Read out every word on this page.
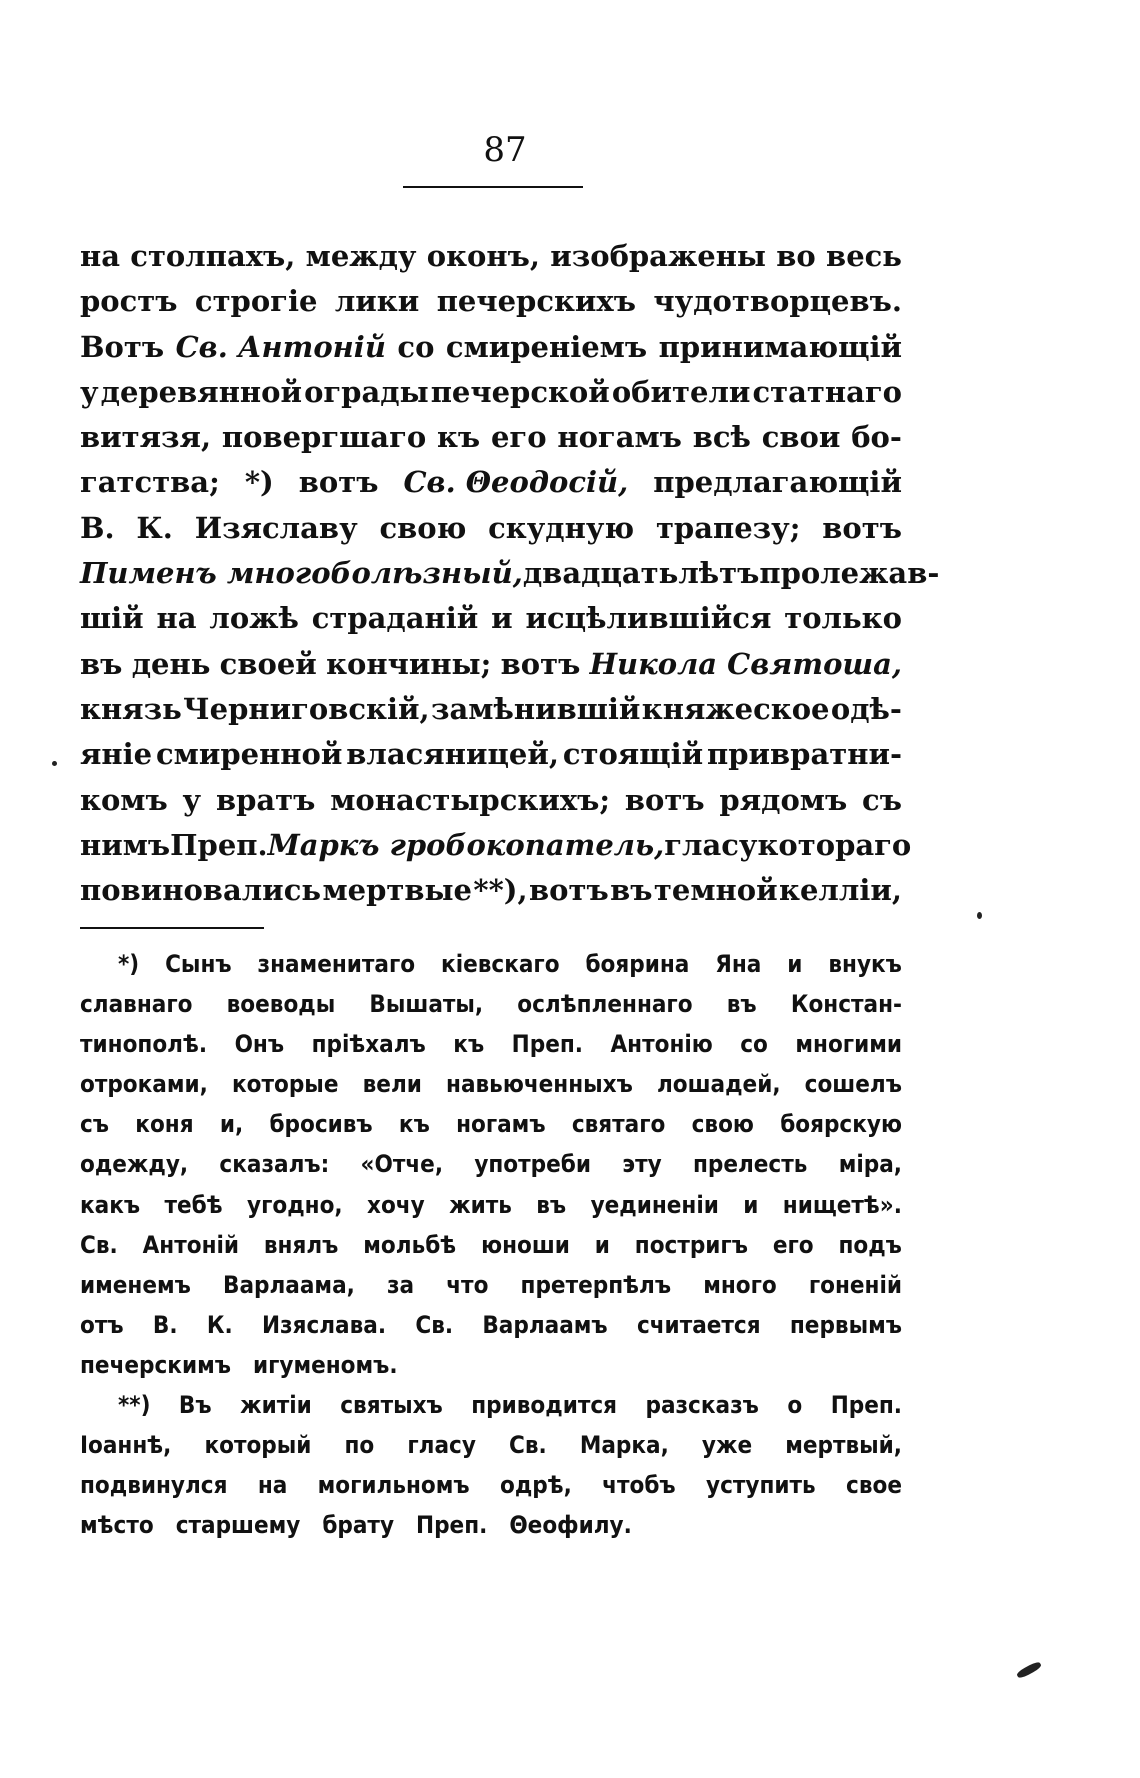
87
на столпахъ, между оконъ, изображены во весь
ростъ строгіе лики печерскихъ чудотворцевъ.
Вотъ Св. Антоній со смиреніемъ принимающій
у деревянной ограды печерской обители статнаго
витязя, повергшаго къ его ногамъ всѣ свои бо-
гатства; *) вотъ Св. Θеодосій, предлагающій
В. К. Изяславу свою скудную трапезу; вотъ
Пименъ многоболѣзный, двадцать лѣтъ пролежав-
шій на ложѣ страданій и исцѣлившійся только
въ день своей кончины; вотъ Никола Святоша,
князь Черниговскій, замѣнившій княжеское одѣ-
яніе смиренной власяницей, стоящій привратни-
комъ у вратъ монастырскихъ; вотъ рядомъ съ
нимъ Преп. Маркъ гробокопатель, гласу котораго
повиновались мертвые **), вотъ въ темной келліи,
*) Сынъ знаменитаго кіевскаго боярина Яна и внукъ
славнаго воеводы Вышаты, ослѣпленнаго въ Констан-
тинополѣ. Онъ пріѣхалъ къ Преп. Антонію со многими
отроками, которые вели навьюченныхъ лошадей, сошелъ
съ коня и, бросивъ къ ногамъ святаго свою боярскую
одежду, сказалъ: «Отче, употреби эту прелесть міра,
какъ тебѣ угодно, хочу жить въ уединеніи и нищетѣ».
Св. Антоній внялъ мольбѣ юноши и постригъ его подъ
именемъ Варлаама, за что претерпѣлъ много гоненій
отъ В. К. Изяслава. Св. Варлаамъ считается первымъ
печерскимъ игуменомъ.
**) Въ житіи святыхъ приводится разсказъ о Преп.
Іоаннѣ, который по гласу Св. Марка, уже мертвый,
подвинулся на могильномъ одрѣ, чтобъ уступить свое
мѣсто старшему брату Преп. Θеофилу.
